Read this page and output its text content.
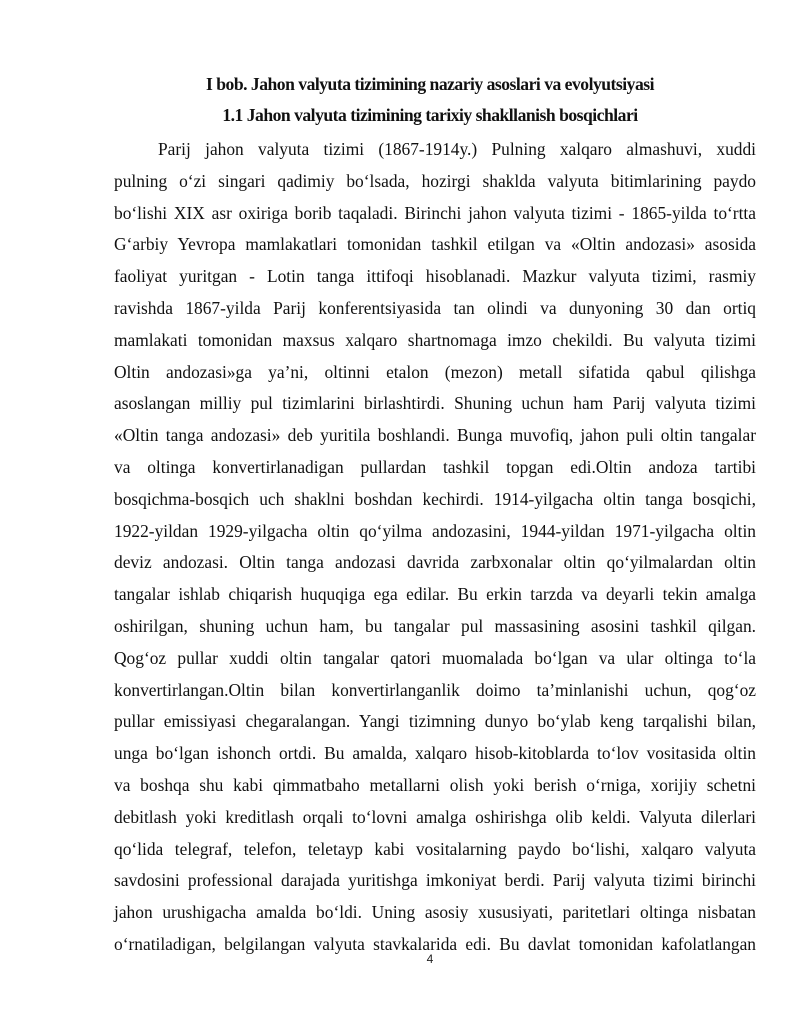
I bob. Jahon valyuta tizimining nazariy asoslari va evolyutsiyasi
1.1 Jahon valyuta tizimining tarixiy shakllanish bosqichlari
Parij jahon valyuta tizimi (1867-1914y.) Pulning xalqaro almashuvi, xuddi
pulning oʻzi singari qadimiy boʻlsada, hozirgi shaklda valyuta bitimlarining paydo
boʻlishi XIX asr oxiriga borib taqaladi. Birinchi jahon valyuta tizimi - 1865-yilda toʻrtta
Gʻarbiy Yevropa mamlakatlari tomonidan tashkil etilgan va «Oltin andozasi» asosida
faoliyat yuritgan - Lotin tanga ittifoqi hisoblanadi. Mazkur valyuta tizimi, rasmiy
ravishda 1867-yilda Parij konferentsiyasida tan olindi va dunyoning 30 dan ortiq
mamlakati tomonidan maxsus xalqaro shartnomaga imzo chekildi. Bu valyuta tizimi
Oltin andozasi»ga ya’ni, oltinni etalon (mezon) metall sifatida qabul qilishga
asoslangan milliy pul tizimlarini birlashtirdi. Shuning uchun ham Parij valyuta tizimi
«Oltin tanga andozasi» deb yuritila boshlandi. Bunga muvofiq, jahon puli oltin tangalar
va oltinga konvertirlanadigan pullardan tashkil topgan edi.Oltin andoza tartibi
bosqichma-bosqich uch shaklni boshdan kechirdi. 1914-yilgacha oltin tanga bosqichi,
1922-yildan 1929-yilgacha oltin qoʻyilma andozasini, 1944-yildan 1971-yilgacha oltin
deviz andozasi. Oltin tanga andozasi davrida zarbxonalar oltin qoʻyilmalardan oltin
tangalar ishlab chiqarish huquqiga ega edilar. Bu erkin tarzda va deyarli tekin amalga
oshirilgan, shuning uchun ham, bu tangalar pul massasining asosini tashkil qilgan.
Qogʻoz pullar xuddi oltin tangalar qatori muomalada boʻlgan va ular oltinga toʻla
konvertirlangan.Oltin bilan konvertirlanganlik doimo ta’minlanishi uchun, qogʻoz
pullar emissiyasi chegaralangan. Yangi tizimning dunyo boʻylab keng tarqalishi bilan,
unga boʻlgan ishonch ortdi. Bu amalda, xalqaro hisob-kitoblarda toʻlov vositasida oltin
va boshqa shu kabi qimmatbaho metallarni olish yoki berish oʻrniga, xorijiy schetni
debitlash yoki kreditlash orqali toʻlovni amalga oshirishga olib keldi. Valyuta dilerlari
qoʻlida telegraf, telefon, teletayp kabi vositalarning paydo boʻlishi, xalqaro valyuta
savdosini professional darajada yuritishga imkoniyat berdi. Parij valyuta tizimi birinchi
jahon urushigacha amalda boʻldi. Uning asosiy xususiyati, paritetlari oltinga nisbatan
oʻrnatiladigan, belgilangan valyuta stavkalarida edi. Bu davlat tomonidan kafolatlangan
4
